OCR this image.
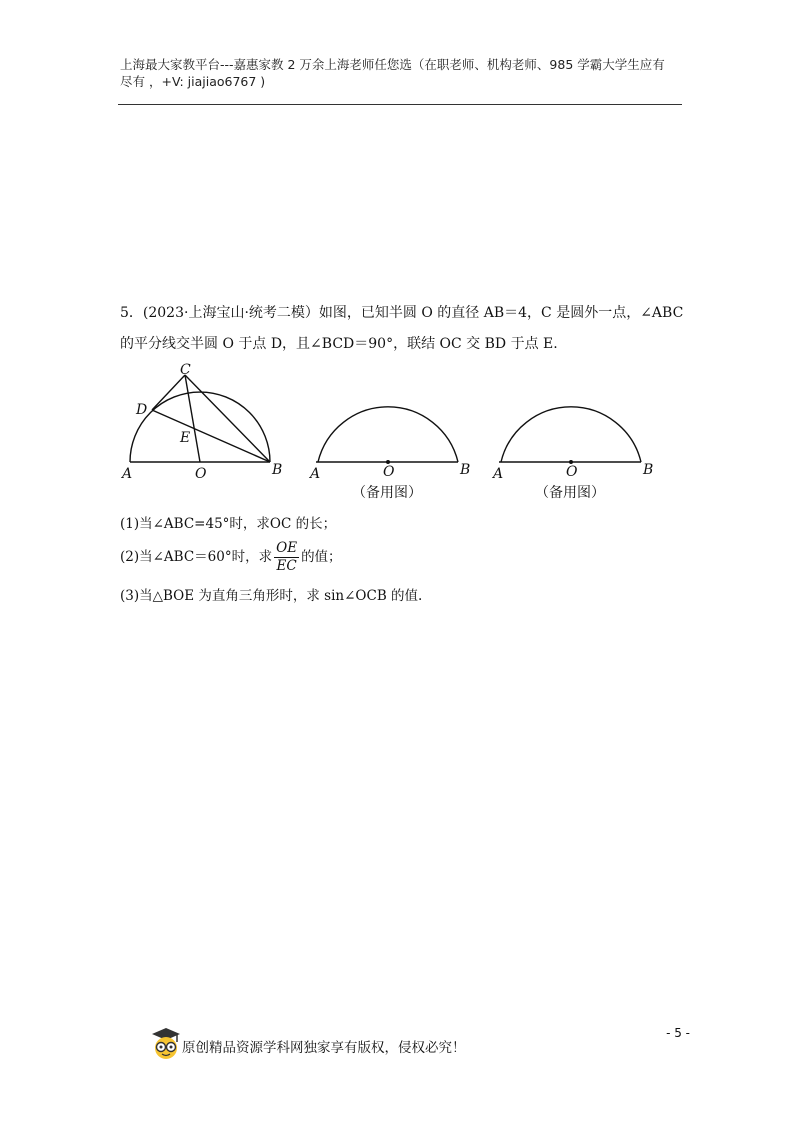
上海最大家教平台---嘉惠家教 2 万余上海老师任您选（在职老师、机构老师、985 学霸大学生应有
尽有 ，+V: jiajiao6767 )
5．(2023·上海宝山·统考二模）如图，已知半圆 O 的直径 AB＝4，C 是圆外一点，∠ABC
的平分线交半圆 O 于点 D，且∠BCD＝90°，联结 OC 交 BD 于点 E.
C
D
E
A	O	B A	O	B
（备用图）
A	O	B
（备用图）
(1)当∠ABC=45°时，求OC 的长；
(2)当∠ABC＝60°时，求 $\frac{OE}{EC}$ 的值；
(3)当△BOE 为直角三角形时，求 sin∠OCB 的值.
原创精品资源学科网独家享有版权，侵权必究！
- 5 -
